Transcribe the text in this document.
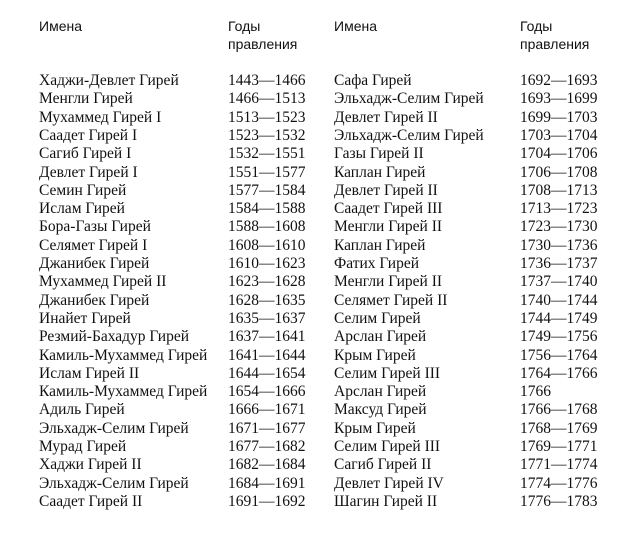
Имена	Годы
правления
Имена	Годы
правления
Хаджи-Девлет Гирей	1443—1466 Сафа Гирей	1692—1693
Менгли Гирей	1466—1513 Эльхадж-Селим Гирей 1693—1699
Мухаммед Гирей I	1513—1523 Девлет Гирей II	1699—1703
Саадет Гирей I	1523—1532 Эльхадж-Селим Гирей 1703—1704
Сагиб Гирей I	1532—1551 Газы Гирей II	1704—1706
Девлет Гирей I	1551—1577 Каплан Гирей	1706—1708
Семин Гирей	1577—1584 Девлет Гирей II	1708—1713
Ислам Гирей	1584—1588 Саадет Гирей III	1713—1723
Бора-Газы Гирей	1588—1608 Менгли Гирей II	1723—1730
Селямет Гирей I	1608—1610 Каплан Гирей	1730—1736
Джанибек Гирей	1610—1623 Фатих Гирей	1736—1737
Мухаммед Гирей II	1623—1628 Менгли Гирей II	1737—1740
Джанибек Гирей	1628—1635 Селямет Гирей II	1740—1744
Инайет Гирей	1635—1637 Селим Гирей	1744—1749
Резмий-Бахадур Гирей	1637—1641 Арслан Гирей	1749—1756
Камиль-Мухаммед Гирей 1641—1644 Крым Гирей	1756—1764
Ислам Гирей II	1644—1654 Селим Гирей III	1764—1766
Камиль-Мухаммед Гирей 1654—1666 Арслан Гирей	1766
Адиль Гирей	1666—1671 Максуд Гирей	1766—1768
Эльхадж-Селим Гирей	1671—1677 Крым Гирей	1768—1769
Мурад Гирей	1677—1682 Селим Гирей III	1769—1771
Хаджи Гирей II	1682—1684 Сагиб Гирей II	1771—1774
Эльхадж-Селим Гирей	1684—1691 Девлет Гирей IV	1774—1776
Саадет Гирей II	1691—1692 Шагин Гирей II	1776—1783
